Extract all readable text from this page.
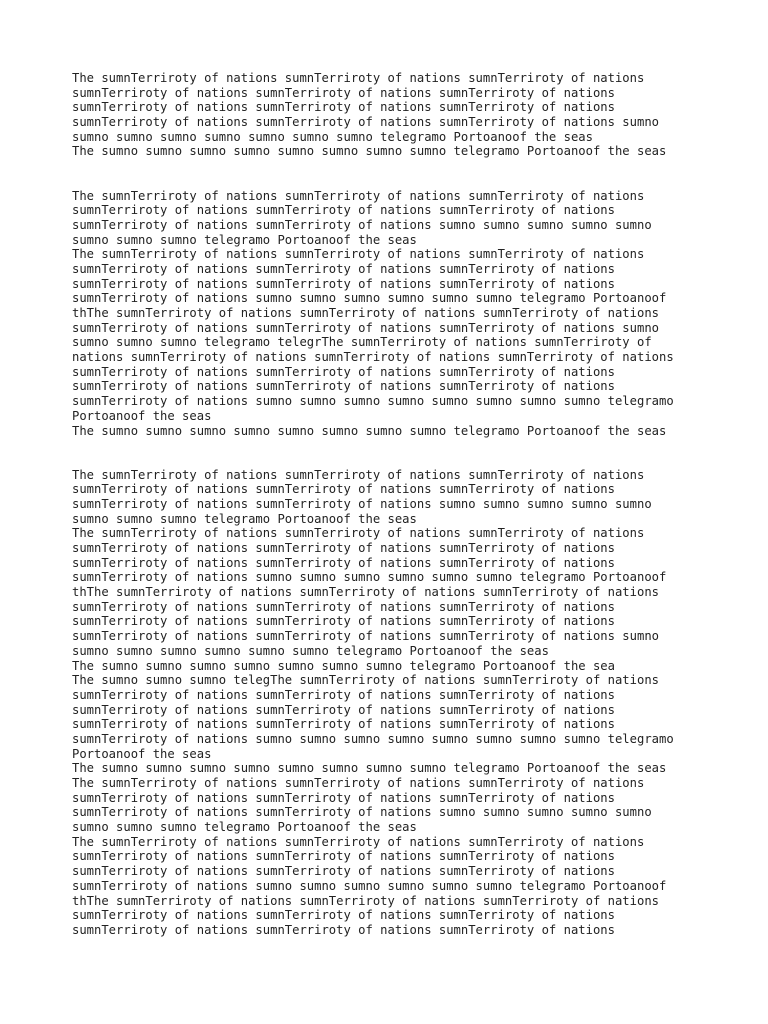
The sumnTerriroty of nations sumnTerriroty of nations sumnTerriroty of nations
sumnTerriroty of nations sumnTerriroty of nations sumnTerriroty of nations
sumnTerriroty of nations sumnTerriroty of nations sumnTerriroty of nations
sumnTerriroty of nations sumnTerriroty of nations sumnTerriroty of nations sumno
sumno sumno sumno sumno sumno sumno sumno telegramo Portoanoof the seas
The sumno sumno sumno sumno sumno sumno sumno sumno telegramo Portoanoof the seas
The sumnTerriroty of nations sumnTerriroty of nations sumnTerriroty of nations
sumnTerriroty of nations sumnTerriroty of nations sumnTerriroty of nations
sumnTerriroty of nations sumnTerriroty of nations sumno sumno sumno sumno sumno
sumno sumno sumno telegramo Portoanoof the seas
The sumnTerriroty of nations sumnTerriroty of nations sumnTerriroty of nations
sumnTerriroty of nations sumnTerriroty of nations sumnTerriroty of nations
sumnTerriroty of nations sumnTerriroty of nations sumnTerriroty of nations
sumnTerriroty of nations sumno sumno sumno sumno sumno sumno telegramo Portoanoof
thThe sumnTerriroty of nations sumnTerriroty of nations sumnTerriroty of nations
sumnTerriroty of nations sumnTerriroty of nations sumnTerriroty of nations sumno
sumno sumno sumno telegramo telegrThe sumnTerriroty of nations sumnTerriroty of
nations sumnTerriroty of nations sumnTerriroty of nations sumnTerriroty of nations
sumnTerriroty of nations sumnTerriroty of nations sumnTerriroty of nations
sumnTerriroty of nations sumnTerriroty of nations sumnTerriroty of nations
sumnTerriroty of nations sumno sumno sumno sumno sumno sumno sumno sumno telegramo
Portoanoof the seas
The sumno sumno sumno sumno sumno sumno sumno sumno telegramo Portoanoof the seas
The sumnTerriroty of nations sumnTerriroty of nations sumnTerriroty of nations
sumnTerriroty of nations sumnTerriroty of nations sumnTerriroty of nations
sumnTerriroty of nations sumnTerriroty of nations sumno sumno sumno sumno sumno
sumno sumno sumno telegramo Portoanoof the seas
The sumnTerriroty of nations sumnTerriroty of nations sumnTerriroty of nations
sumnTerriroty of nations sumnTerriroty of nations sumnTerriroty of nations
sumnTerriroty of nations sumnTerriroty of nations sumnTerriroty of nations
sumnTerriroty of nations sumno sumno sumno sumno sumno sumno telegramo Portoanoof
thThe sumnTerriroty of nations sumnTerriroty of nations sumnTerriroty of nations
sumnTerriroty of nations sumnTerriroty of nations sumnTerriroty of nations
sumnTerriroty of nations sumnTerriroty of nations sumnTerriroty of nations
sumnTerriroty of nations sumnTerriroty of nations sumnTerriroty of nations sumno
sumno sumno sumno sumno sumno sumno telegramo Portoanoof the seas
The sumno sumno sumno sumno sumno sumno sumno telegramo Portoanoof the sea
The sumno sumno sumno telegThe sumnTerriroty of nations sumnTerriroty of nations
sumnTerriroty of nations sumnTerriroty of nations sumnTerriroty of nations
sumnTerriroty of nations sumnTerriroty of nations sumnTerriroty of nations
sumnTerriroty of nations sumnTerriroty of nations sumnTerriroty of nations
sumnTerriroty of nations sumno sumno sumno sumno sumno sumno sumno sumno telegramo
Portoanoof the seas
The sumno sumno sumno sumno sumno sumno sumno sumno telegramo Portoanoof the seas
The sumnTerriroty of nations sumnTerriroty of nations sumnTerriroty of nations
sumnTerriroty of nations sumnTerriroty of nations sumnTerriroty of nations
sumnTerriroty of nations sumnTerriroty of nations sumno sumno sumno sumno sumno
sumno sumno sumno telegramo Portoanoof the seas
The sumnTerriroty of nations sumnTerriroty of nations sumnTerriroty of nations
sumnTerriroty of nations sumnTerriroty of nations sumnTerriroty of nations
sumnTerriroty of nations sumnTerriroty of nations sumnTerriroty of nations
sumnTerriroty of nations sumno sumno sumno sumno sumno sumno telegramo Portoanoof
thThe sumnTerriroty of nations sumnTerriroty of nations sumnTerriroty of nations
sumnTerriroty of nations sumnTerriroty of nations sumnTerriroty of nations
sumnTerriroty of nations sumnTerriroty of nations sumnTerriroty of nations
